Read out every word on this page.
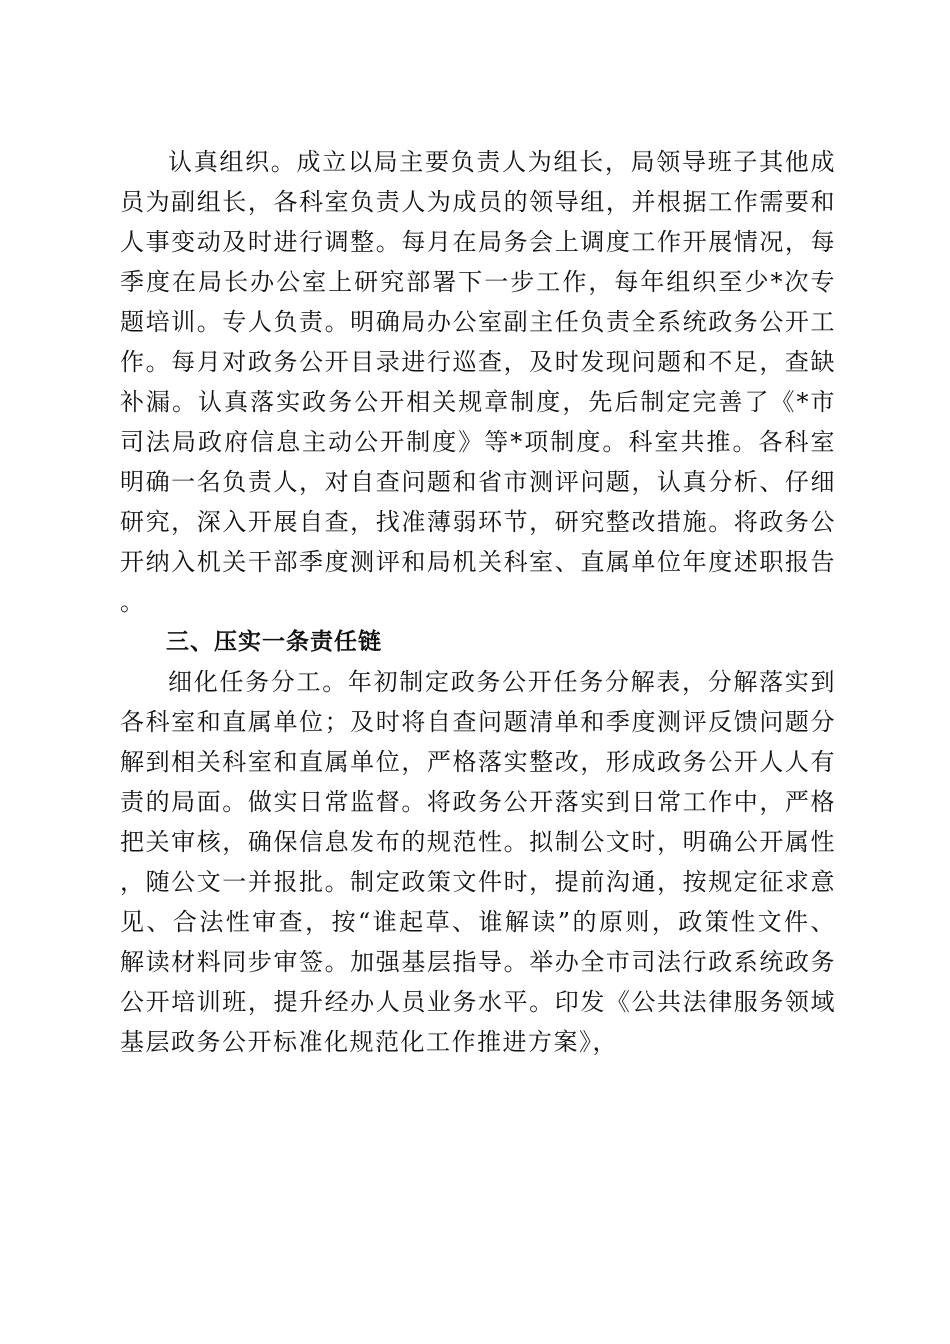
认真组织。成立以局主要负责人为组长，局领导班子其他成员为副组长，各科室负责人为成员的领导组，并根据工作需要和人事变动及时进行调整。每月在局务会上调度工作开展情况，每季度在局长办公室上研究部署下一步工作，每年组织至少*次专题培训。专人负责。明确局办公室副主任负责全系统政务公开工作。每月对政务公开目录进行巡查，及时发现问题和不足，查缺补漏。认真落实政务公开相关规章制度，先后制定完善了《*市司法局政府信息主动公开制度》等*项制度。科室共推。各科室明确一名负责人，对自查问题和省市测评问题，认真分析、仔细研究，深入开展自查，找准薄弱环节，研究整改措施。将政务公开纳入机关干部季度测评和局机关科室、直属单位年度述职报告。

三、压实一条责任链

细化任务分工。年初制定政务公开任务分解表，分解落实到各科室和直属单位；及时将自查问题清单和季度测评反馈问题分解到相关科室和直属单位，严格落实整改，形成政务公开人人有责的局面。做实日常监督。将政务公开落实到日常工作中，严格把关审核，确保信息发布的规范性。拟制公文时，明确公开属性，随公文一并报批。制定政策文件时，提前沟通，按规定征求意见、合法性审查，按“谁起草、谁解读”的原则，政策性文件、解读材料同步审签。加强基层指导。举办全市司法行政系统政务公开培训班，提升经办人员业务水平。印发《公共法律服务领域基层政务公开标准化规范化工作推进方案》，
